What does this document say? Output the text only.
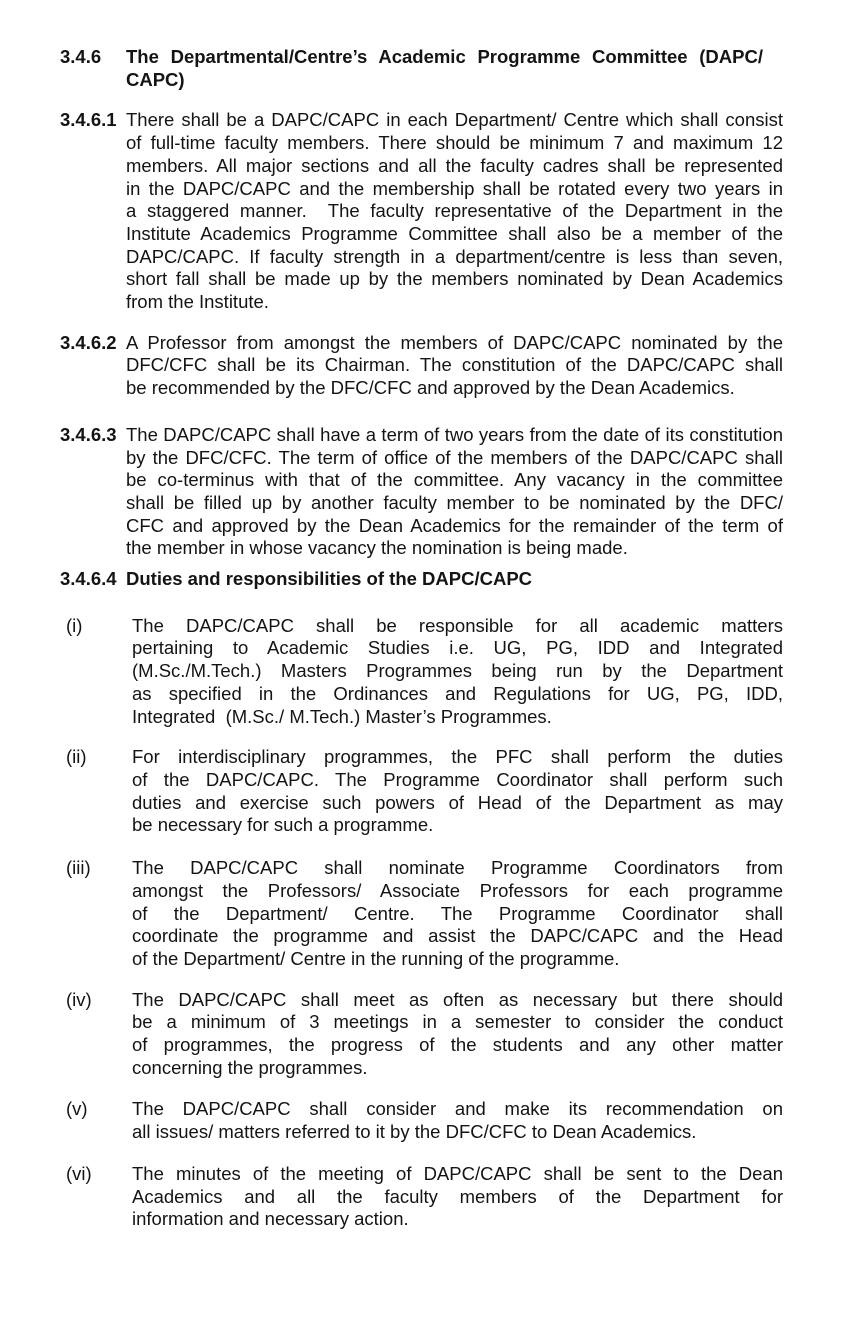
3.4.6	The Departmental/Centre’s Academic Programme Committee (DAPC/
CAPC)
3.4.6.1 There shall be a DAPC/CAPC in each Department/ Centre which shall consist
of full-time faculty members. There should be minimum 7 and maximum 12
members. All major sections and all the faculty cadres shall be represented
in the DAPC/CAPC and the membership shall be rotated every two years in
a staggered manner.  The faculty representative of the Department in the
Institute Academics Programme Committee shall also be a member of the
DAPC/CAPC. If faculty strength in a department/centre is less than seven,
short fall shall be made up by the members nominated by Dean Academics
from the Institute.
3.4.6.2 A Professor from amongst the members of DAPC/CAPC nominated by the
DFC/CFC shall be its Chairman. The constitution of the DAPC/CAPC shall
be recommended by the DFC/CFC and approved by the Dean Academics.
3.4.6.3 The DAPC/CAPC shall have a term of two years from the date of its constitution
by the DFC/CFC. The term of office of the members of the DAPC/CAPC shall
be co-terminus with that of the committee. Any vacancy in the committee
shall be filled up by another faculty member to be nominated by the DFC/
CFC and approved by the Dean Academics for the remainder of the term of
the member in whose vacancy the nomination is being made.
3.4.6.4 Duties and responsibilities of the DAPC/CAPC
(i)	The DAPC/CAPC shall be responsible for all academic matters
pertaining to Academic Studies i.e. UG, PG, IDD and Integrated
(M.Sc./M.Tech.) Masters Programmes being run by the Department
as specified in the Ordinances and Regulations for UG, PG, IDD,
Integrated  (M.Sc./ M.Tech.) Master’s Programmes.
(ii)	For interdisciplinary programmes, the PFC shall perform the duties
of the DAPC/CAPC. The Programme Coordinator shall perform such
duties and exercise such powers of Head of the Department as may
be necessary for such a programme.
(iii)	The DAPC/CAPC shall nominate Programme Coordinators from
amongst the Professors/ Associate Professors for each programme
of the Department/ Centre. The Programme Coordinator shall
coordinate the programme and assist the DAPC/CAPC and the Head
of the Department/ Centre in the running of the programme.
(iv)	The DAPC/CAPC shall meet as often as necessary but there should
be a minimum of 3 meetings in a semester to consider the conduct
of programmes, the progress of the students and any other matter
concerning the programmes.
(v)	The DAPC/CAPC shall consider and make its recommendation on
all issues/ matters referred to it by the DFC/CFC to Dean Academics.
(vi)	The minutes of the meeting of DAPC/CAPC shall be sent to the Dean
Academics and all the faculty members of the Department for
information and necessary action.
